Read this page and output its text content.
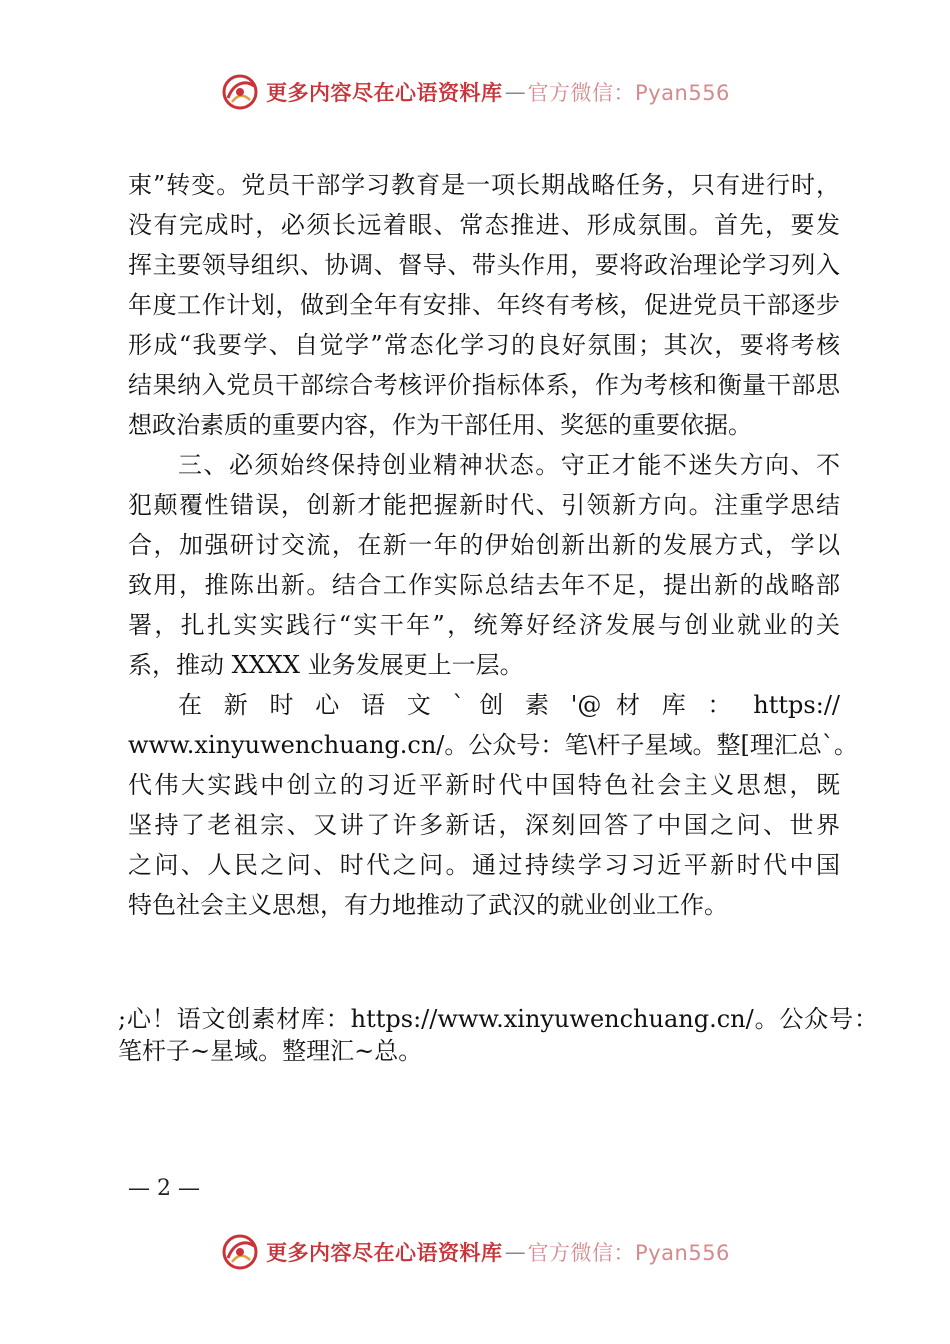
更多内容尽在心语资料库 — 官方微信：Pyan556
束”转变。党员干部学习教育是一项长期战略任务，只有进行时，
没有完成时，必须长远着眼、常态推进、形成氛围。首先，要发
挥主要领导组织、协调、督导、带头作用，要将政治理论学习列入
年度工作计划，做到全年有安排、年终有考核，促进党员干部逐步
形成“我要学、自觉学”常态化学习的良好氛围；其次，要将考核
结果纳入党员干部综合考核评价指标体系，作为考核和衡量干部思
想政治素质的重要内容，作为干部任用、奖惩的重要依据。
三、必须始终保持创业精神状态。守正才能不迷失方向、不
犯颠覆性错误，创新才能把握新时代、引领新方向。注重学思结
合，加强研讨交流，在新一年的伊始创新出新的发展方式，学以
致用，推陈出新。结合工作实际总结去年不足，提出新的战略部
署，扎扎实实践行“实干年”，统筹好经济发展与创业就业的关
系，推动 XXXX 业务发展更上一层。
在 新 时 心 语 文 ` 创 素 '@ 材 库 ： https://
www.xinyuwenchuang.cn/。公众号：笔\杆子星域。整[理汇总`。
代伟大实践中创立的习近平新时代中国特色社会主义思想，既
坚持了老祖宗、又讲了许多新话，深刻回答了中国之问、世界
之问、人民之问、时代之问。通过持续学习习近平新时代中国
特色社会主义思想，有力地推动了武汉的就业创业工作。
;心！语文创素材库：https://www.xinyuwenchuang.cn/。公众号：
笔杆子~星域。整理汇~总。
— 2 —
更多内容尽在心语资料库 — 官方微信：Pyan556
